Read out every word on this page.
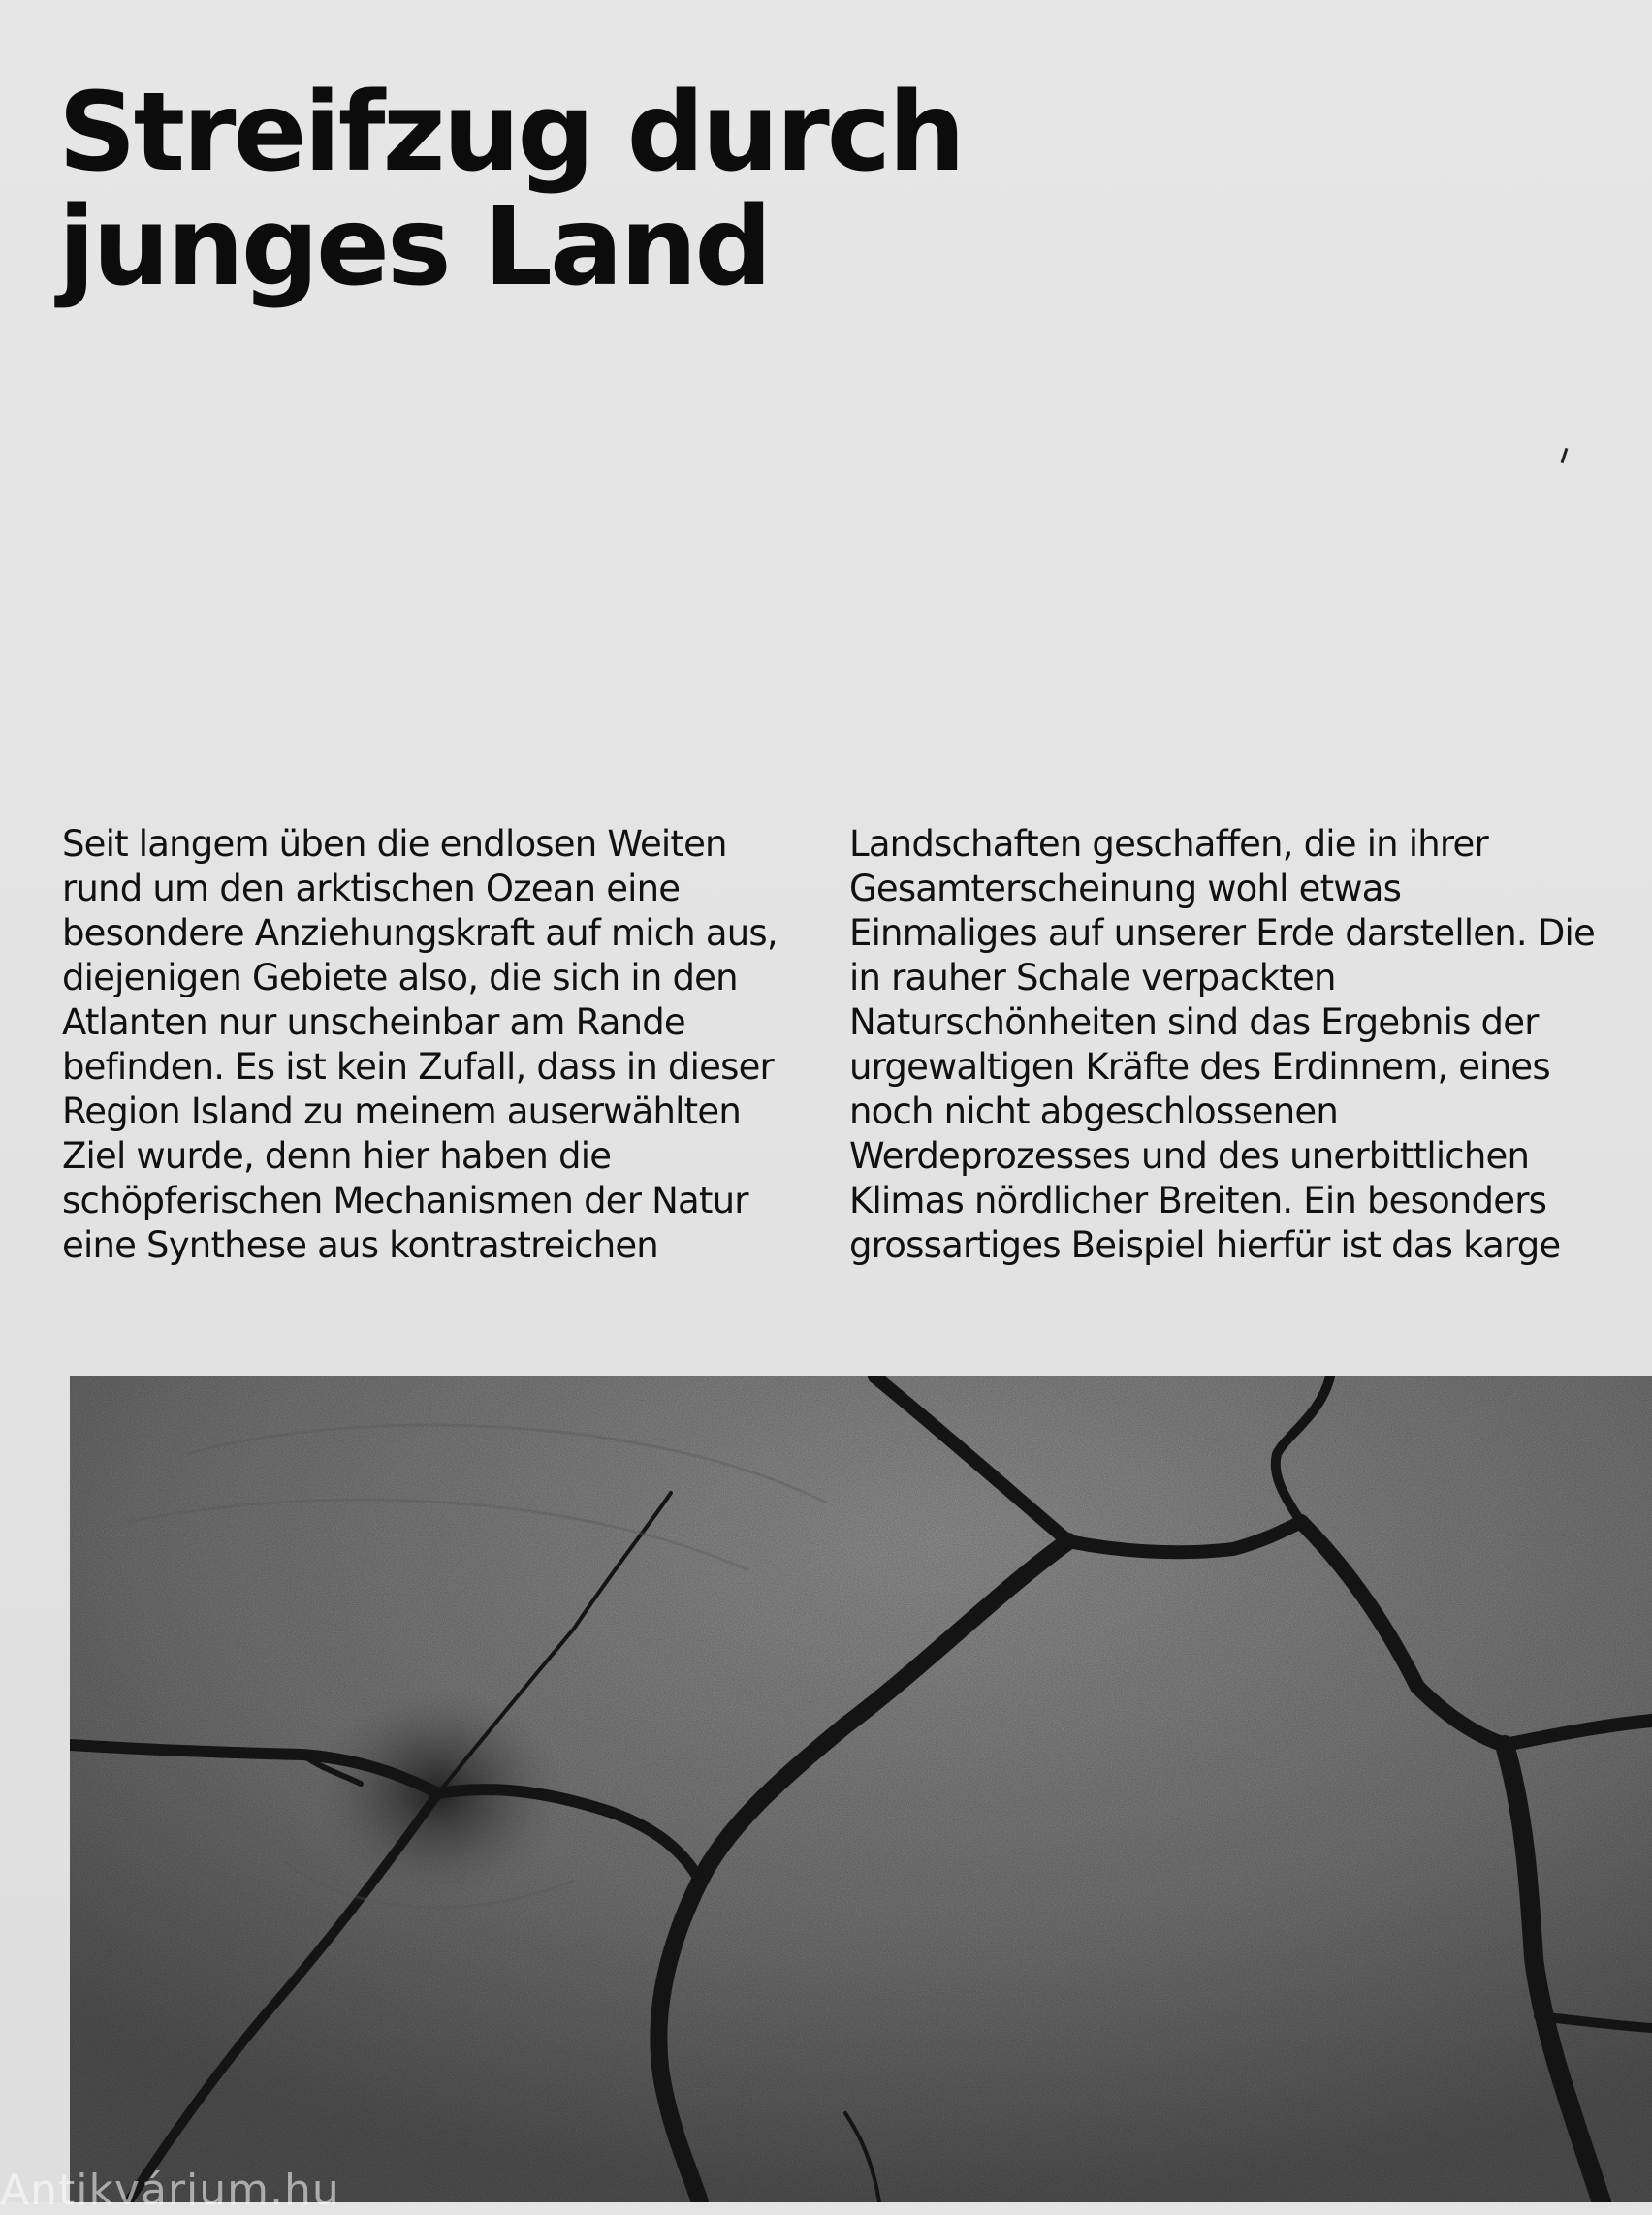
Streifzug durch
junges Land
Seit langem üben die endlosen Weiten
rund um den arktischen Ozean eine
besondere Anziehungskraft auf mich aus,
diejenigen Gebiete also, die sich in den
Atlanten nur unscheinbar am Rande
befinden. Es ist kein Zufall, dass in dieser
Region Island zu meinem auserwählten
Ziel wurde, denn hier haben die
schöpferischen Mechanismen der Natur
eine Synthese aus kontrastreichen
Landschaften geschaffen, die in ihrer
Gesamterscheinung wohl etwas
Einmaliges auf unserer Erde darstellen. Die
in rauher Schale verpackten
Naturschönheiten sind das Ergebnis der
urgewaltigen Kräfte des Erdinnem, eines
noch nicht abgeschlossenen
Werdeprozesses und des unerbittlichen
Klimas nördlicher Breiten. Ein besonders
grossartiges Beispiel hierfür ist das karge
Antikvárium.hu
